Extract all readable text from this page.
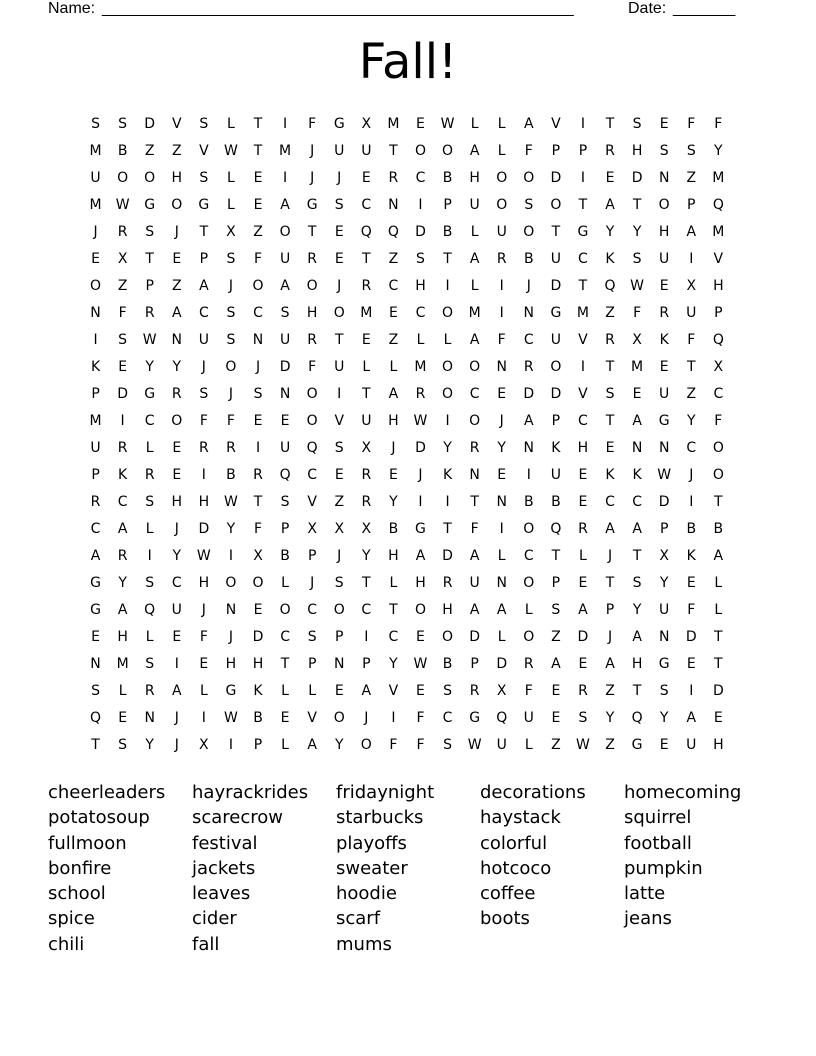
Name: _____________________________________________________	Date: _______
Fall!
S	S	D	V	S	L	T	I	F	G	X	M	E	W	L	L	A	V	I	T	S	E	F	F
M	B	Z	Z	V	W	T	M	J	U	U	T	O	O	A	L	F	P	P	R	H	S	S	Y
U	O	O	H	S	L	E	I	J	J	E	R	C	B	H	O	O	D	I	E	D	N	Z	M
M	W	G	O	G	L	E	A	G	S	C	N	I	P	U	O	S	O	T	A	T	O	P	Q
J	R	S	J	T	X	Z	O	T	E	Q	Q	D	B	L	U	O	T	G	Y	Y	H	A	M
E	X	T	E	P	S	F	U	R	E	T	Z	S	T	A	R	B	U	C	K	S	U	I	V
O	Z	P	Z	A	J	O	A	O	J	R	C	H	I	L	I	J	D	T	Q	W	E	X	H
N	F	R	A	C	S	C	S	H	O	M	E	C	O	M	I	N	G	M	Z	F	R	U	P
I	S	W	N	U	S	N	U	R	T	E	Z	L	L	A	F	C	U	V	R	X	K	F	Q
K	E	Y	Y	J	O	J	D	F	U	L	L	M	O	O	N	R	O	I	T	M	E	T	X
P	D	G	R	S	J	S	N	O	I	T	A	R	O	C	E	D	D	V	S	E	U	Z	C
M	I	C	O	F	F	E	E	O	V	U	H	W	I	O	J	A	P	C	T	A	G	Y	F
U	R	L	E	R	R	I	U	Q	S	X	J	D	Y	R	Y	N	K	H	E	N	N	C	O
P	K	R	E	I	B	R	Q	C	E	R	E	J	K	N	E	I	U	E	K	K	W	J	O
R	C	S	H	H	W	T	S	V	Z	R	Y	I	I	T	N	B	B	E	C	C	D	I	T
C	A	L	J	D	Y	F	P	X	X	X	B	G	T	F	I	O	Q	R	A	A	P	B	B
A	R	I	Y	W	I	X	B	P	J	Y	H	A	D	A	L	C	T	L	J	T	X	K	A
G	Y	S	C	H	O	O	L	J	S	T	L	H	R	U	N	O	P	E	T	S	Y	E	L
G	A	Q	U	J	N	E	O	C	O	C	T	O	H	A	A	L	S	A	P	Y	U	F	L
E	H	L	E	F	J	D	C	S	P	I	C	E	O	D	L	O	Z	D	J	A	N	D	T
N	M	S	I	E	H	H	T	P	N	P	Y	W	B	P	D	R	A	E	A	H	G	E	T
S	L	R	A	L	G	K	L	L	E	A	V	E	S	R	X	F	E	R	Z	T	S	I	D
Q	E	N	J	I	W	B	E	V	O	J	I	F	C	G	Q	U	E	S	Y	Q	Y	A	E
T	S	Y	J	X	I	P	L	A	Y	O	F	F	S	W	U	L	Z	W	Z	G	E	U	H
cheerleaders
potatosoup
fullmoon
bonfire
school
spice
chili
hayrackrides
scarecrow
festival
jackets
leaves
cider
fall
fridaynight
starbucks
playoffs
sweater
hoodie
scarf
mums
decorations
haystack
colorful
hotcoco
coffee
boots
homecoming
squirrel
football
pumpkin
latte
jeans
